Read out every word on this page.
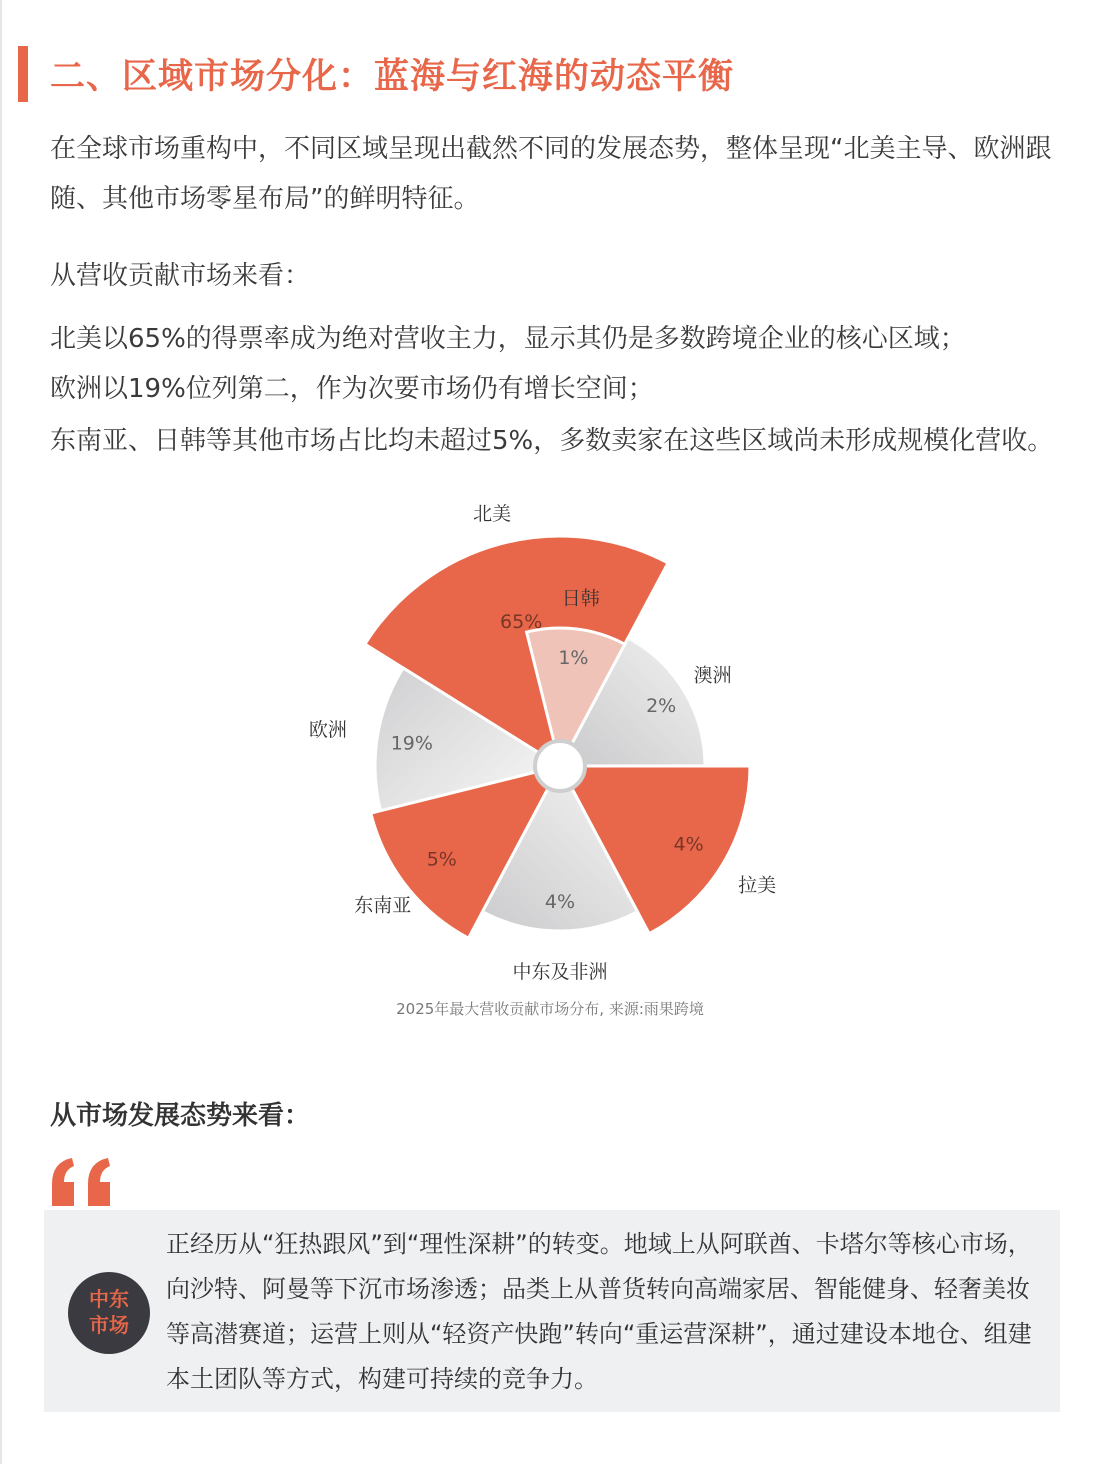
二、区域市场分化：蓝海与红海的动态平衡

在全球市场重构中，不同区域呈现出截然不同的发展态势，整体呈现“北美主导、欧洲跟随、其他市场零星布局”的鲜明特征。

从营收贡献市场来看：

北美以65%的得票率成为绝对营收主力，显示其仍是多数跨境企业的核心区域；

欧洲以19%位列第二，作为次要市场仍有增长空间；

东南亚、日韩等其他市场占比均未超过5%，多数卖家在这些区域尚未形成规模化营收。

65%
北美
1%
日韩
2%
澳洲
4%
拉美
4%
中东及非洲
5%
东南亚
19%
欧洲
2025年最大营收贡献市场分布, 来源:雨果跨境

从市场发展态势来看：

中东
市场

正经历从“狂热跟风”到“理性深耕”的转变。地域上从阿联酋、卡塔尔等核心市场，向沙特、阿曼等下沉市场渗透；品类上从普货转向高端家居、智能健身、轻奢美妆等高潜赛道；运营上则从“轻资产快跑”转向“重运营深耕”，通过建设本地仓、组建本土团队等方式，构建可持续的竞争力。
